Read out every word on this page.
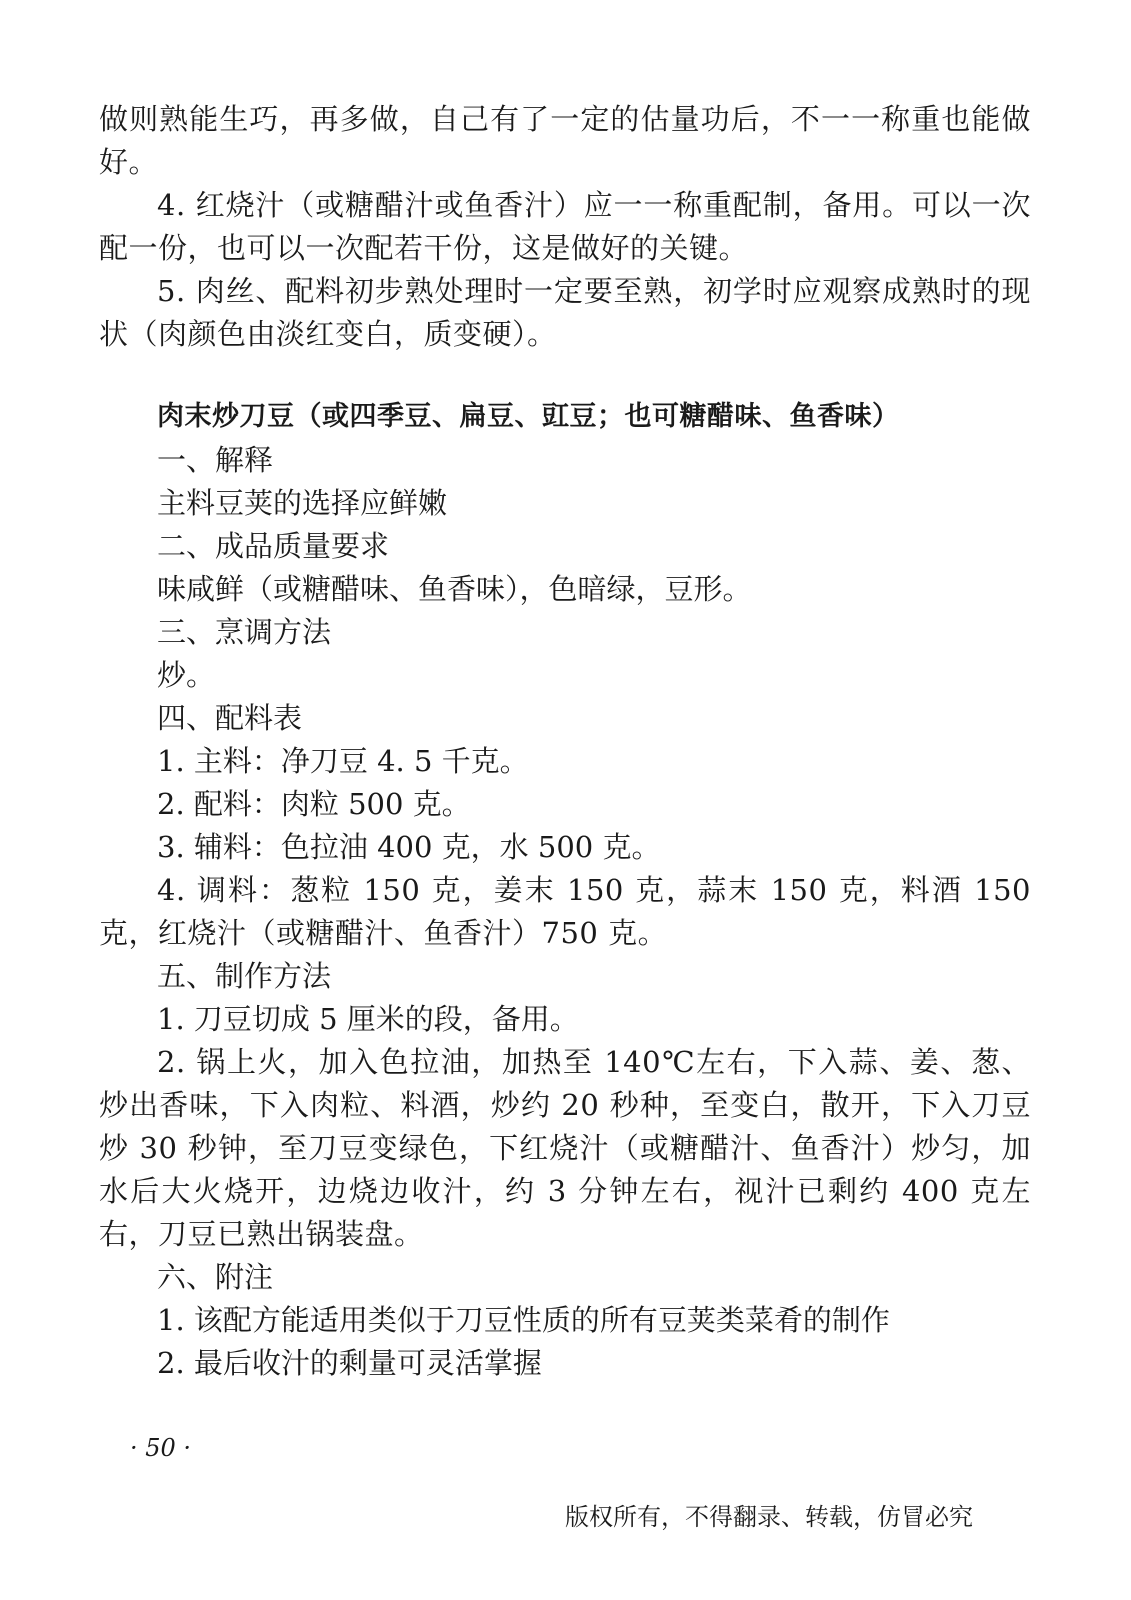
做则熟能生巧，再多做，自己有了一定的估量功后，不一一称重也能做好。

4. 红烧汁（或糖醋汁或鱼香汁）应一一称重配制，备用。可以一次配一份，也可以一次配若干份，这是做好的关键。

5. 肉丝、配料初步熟处理时一定要至熟，初学时应观察成熟时的现状（肉颜色由淡红变白，质变硬）。

肉末炒刀豆（或四季豆、扁豆、豇豆；也可糖醋味、鱼香味）

一、解释

主料豆荚的选择应鲜嫩

二、成品质量要求

味咸鲜（或糖醋味、鱼香味），色暗绿，豆形。

三、烹调方法

炒。

四、配料表

1. 主料：净刀豆 4. 5 千克。

2. 配料：肉粒 500 克。

3. 辅料：色拉油 400 克，水 500 克。

4. 调料：葱粒 150 克，姜末 150 克，蒜末 150 克，料酒 150 克，红烧汁（或糖醋汁、鱼香汁）750 克。

五、制作方法

1. 刀豆切成 5 厘米的段，备用。

2. 锅上火，加入色拉油，加热至 140℃左右，下入蒜、姜、葱、炒出香味，下入肉粒、料酒，炒约 20 秒种，至变白，散开，下入刀豆炒 30 秒钟，至刀豆变绿色，下红烧汁（或糖醋汁、鱼香汁）炒匀，加水后大火烧开，边烧边收汁，约 3 分钟左右，视汁已剩约 400 克左右，刀豆已熟出锅装盘。

六、附注

1. 该配方能适用类似于刀豆性质的所有豆荚类菜肴的制作

2. 最后收汁的剩量可灵活掌握

· 50 ·
版权所有，不得翻录、转载，仿冒必究
